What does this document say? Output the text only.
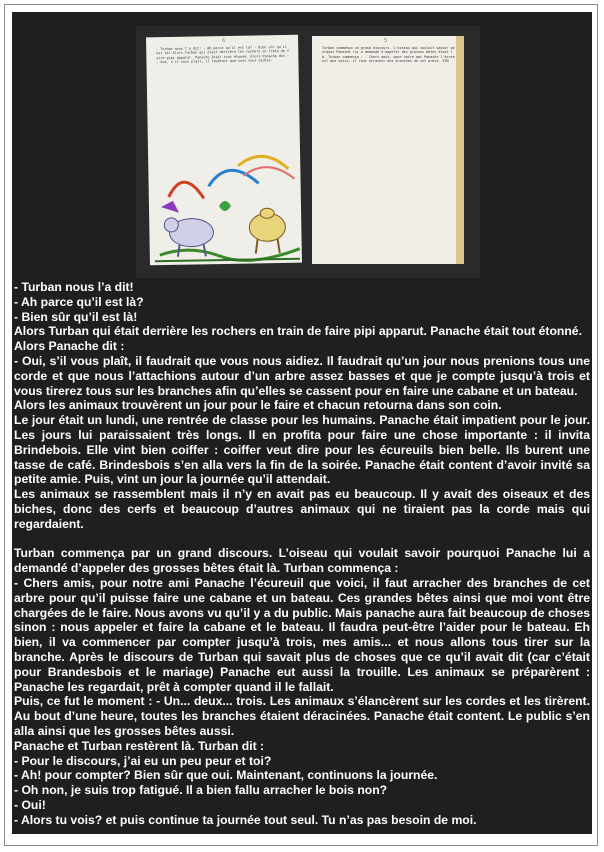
6
- Turban nous l'a dit! - Ah parce qu'il est là? - Bien sûr qu'il est là! Alors Turban qui était derrière les rochers en train de faire pipi apparut. Panache était tout étonné. Alors Panache dit : - Oui, s'il vous plaît, il faudrait que vous nous aidiez.
5
Turban commença un grand discours. L'oiseau qui voulait savoir pourquoi Panache lui a demandé d'appeler des grosses bêtes était là. Turban commença : - Chers amis, pour notre ami Panache l'écureuil que voici, il faut arracher des branches de cet arbre. FIN

- Turban nous l’a dit!

- Ah parce qu’il est là?

- Bien sûr qu’il est là!

Alors Turban qui était derrière les rochers en train de faire pipi apparut. Panache était tout étonné.

Alors Panache dit :

- Oui, s’il vous plaît, il faudrait que vous nous aidiez. Il faudrait qu’un jour nous prenions tous une corde et que nous l’attachions autour d’un arbre assez basses et que je compte jusqu’à trois et vous tirerez tous sur les branches afin qu’elles se cassent pour en faire une cabane et un bateau.

Alors les animaux trouvèrent un jour pour le faire et chacun retourna dans son coin.

Le jour était un lundi, une rentrée de classe pour les humains. Panache était impatient pour le jour. Les jours lui paraissaient très longs. Il en profita pour faire une chose importante : il invita Brindebois. Elle vint bien coiffer : coiffer veut dire pour les écureuils bien belle. Ils burent une tasse de café. Brindesbois s’en alla vers la fin de la soirée. Panache était content d’avoir invité sa petite amie. Puis, vint un jour la journée qu’il attendait.

Les animaux se rassemblent mais il n’y en avait pas eu beaucoup. Il y avait des oiseaux et des biches, donc des cerfs et beaucoup d’autres animaux qui ne tiraient pas la corde mais qui regardaient.

Turban commença par un grand discours. L’oiseau qui voulait savoir pourquoi Panache lui a demandé d’appeler des grosses bêtes était là. Turban commença :

- Chers amis, pour notre ami Panache l’écureuil que voici, il faut arracher des branches de cet arbre pour qu’il puisse faire une cabane et un bateau. Ces grandes bêtes ainsi que moi vont être chargées de le faire. Nous avons vu qu’il y a du public. Mais panache aura fait beaucoup de choses sinon : nous appeler et faire la cabane et le bateau. Il faudra peut-être l’aider pour le bateau. Eh bien, il va commencer par compter jusqu’à trois, mes amis... et nous allons tous tirer sur la branche. Après le discours de Turban qui savait plus de choses que ce qu’il avait dit (car c’était pour Brandesbois et le mariage) Panache eut aussi la trouille. Les animaux se préparèrent : Panache les regardait, prêt à compter quand il le fallait.

Puis, ce fut le moment : - Un... deux... trois. Les animaux s’élancèrent sur les cordes et les tirèrent. Au bout d’une heure, toutes les branches étaient déracinées. Panache était content. Le public s’en alla ainsi que les grosses bêtes aussi.

Panache et Turban restèrent là. Turban dit :

- Pour le discours, j’ai eu un peu peur et toi?

- Ah! pour compter? Bien sûr que oui. Maintenant, continuons la journée.

- Oh non, je suis trop fatigué. Il a bien fallu arracher le bois non?

- Oui!

- Alors tu vois? et puis continue ta journée tout seul. Tu n’as pas besoin de moi.
